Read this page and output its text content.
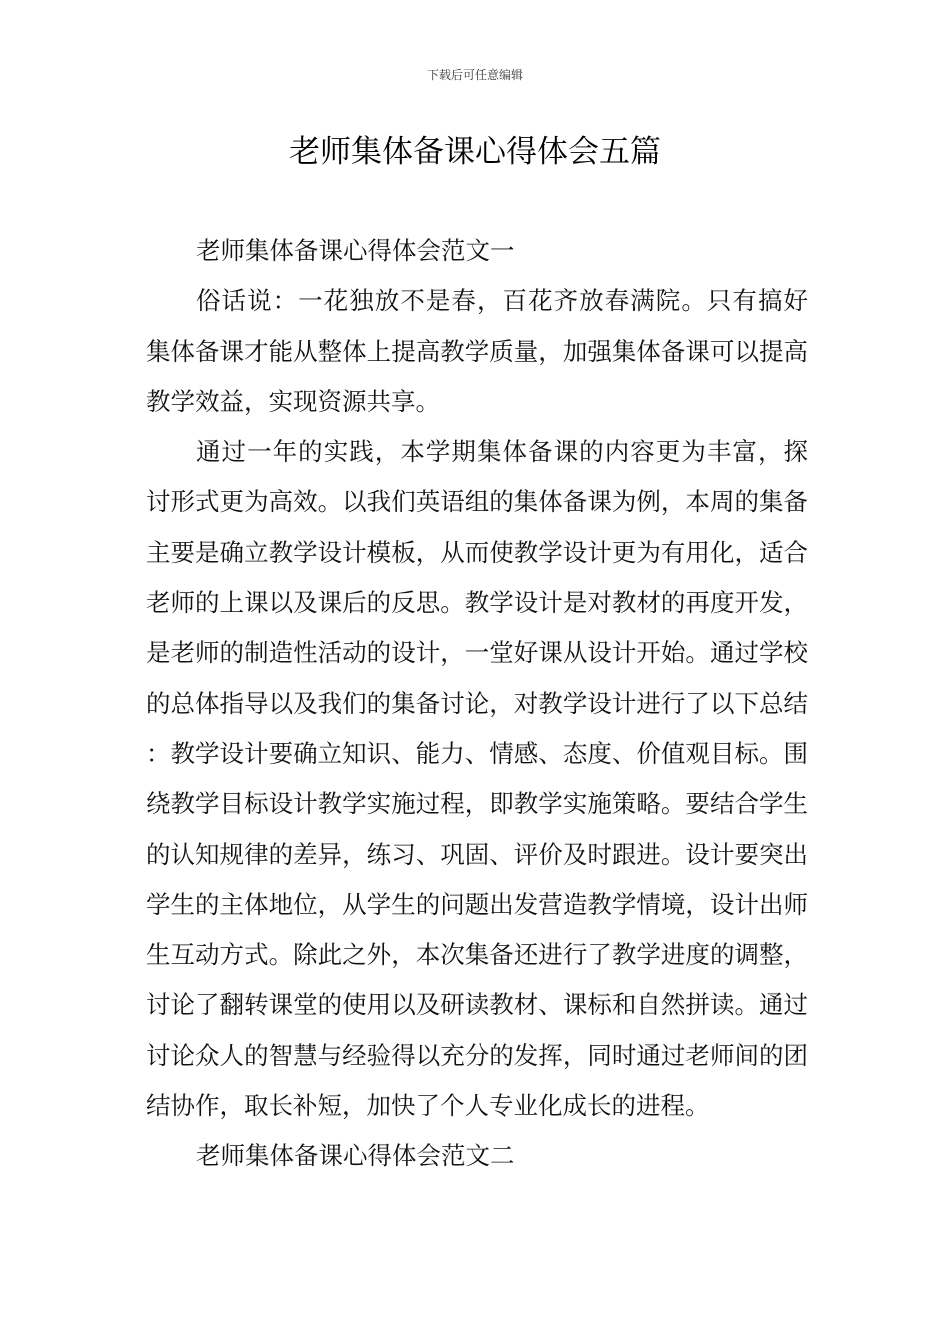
下载后可任意编辑
老师集体备课心得体会五篇

老师集体备课心得体会范文一

俗话说：一花独放不是春，百花齐放春满院。只有搞好集体备课才能从整体上提高教学质量，加强集体备课可以提高教学效益，实现资源共享。

通过一年的实践，本学期集体备课的内容更为丰富，探讨形式更为高效。以我们英语组的集体备课为例，本周的集备主要是确立教学设计模板，从而使教学设计更为有用化，适合老师的上课以及课后的反思。教学设计是对教材的再度开发，是老师的制造性活动的设计，一堂好课从设计开始。通过学校的总体指导以及我们的集备讨论，对教学设计进行了以下总结：教学设计要确立知识、能力、情感、态度、价值观目标。围绕教学目标设计教学实施过程，即教学实施策略。要结合学生的认知规律的差异，练习、巩固、评价及时跟进。设计要突出学生的主体地位，从学生的问题出发营造教学情境，设计出师生互动方式。除此之外，本次集备还进行了教学进度的调整，讨论了翻转课堂的使用以及研读教材、课标和自然拼读。通过讨论众人的智慧与经验得以充分的发挥，同时通过老师间的团结协作，取长补短，加快了个人专业化成长的进程。

老师集体备课心得体会范文二
